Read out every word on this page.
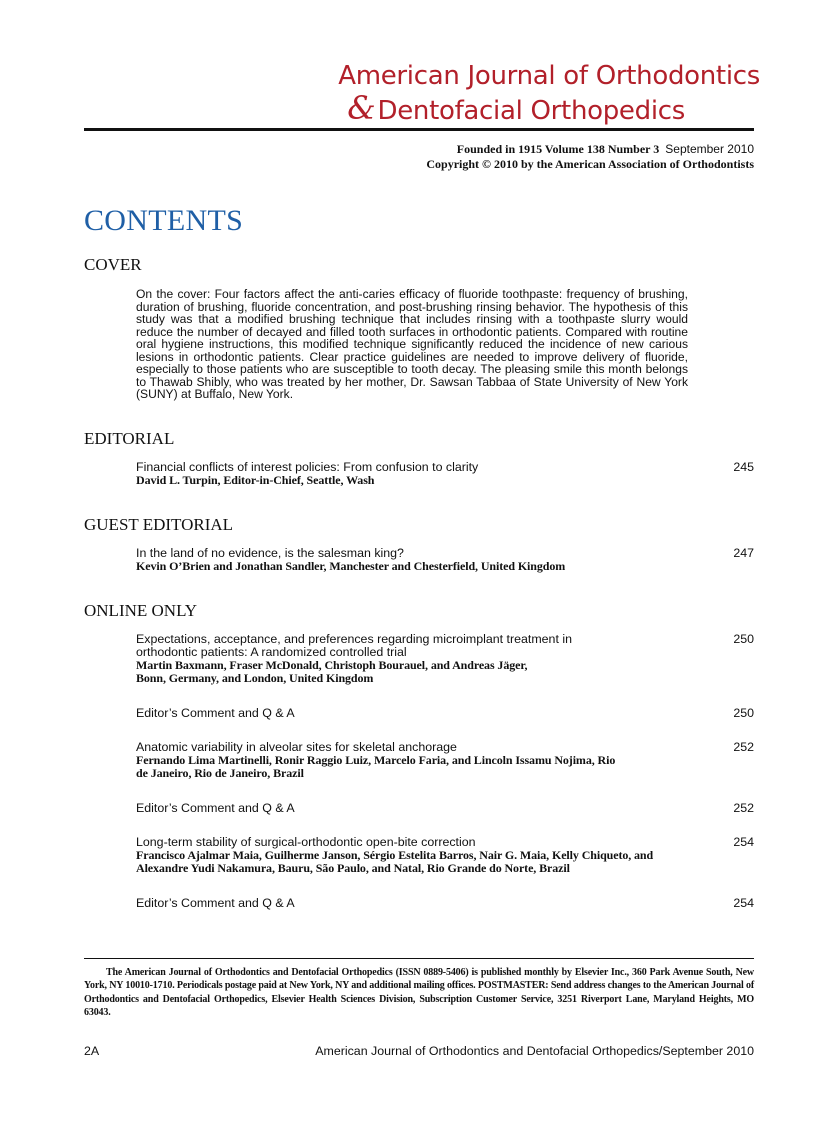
American Journal of Orthodontics
&Dentofacial Orthopedics
Founded in 1915 Volume 138 Number 3 September 2010
Copyright © 2010 by the American Association of Orthodontists
CONTENTS
COVER
On the cover: Four factors affect the anti-caries efficacy of fluoride toothpaste: frequency of brushing, duration of brushing, fluoride concentration, and post-brushing rinsing behavior. The hypothesis of this study was that a modified brushing technique that includes rinsing with a toothpaste slurry would reduce the number of decayed and filled tooth surfaces in orthodontic patients. Compared with routine oral hygiene instructions, this modified technique significantly reduced the incidence of new carious lesions in orthodontic patients. Clear practice guidelines are needed to improve delivery of fluoride, especially to those patients who are susceptible to tooth decay. The pleasing smile this month belongs to Thawab Shibly, who was treated by her mother, Dr. Sawsan Tabbaa of State University of New York (SUNY) at Buffalo, New York.
EDITORIAL
Financial conflicts of interest policies: From confusion to clarity
David L. Turpin, Editor-in-Chief, Seattle, Wash
245
GUEST EDITORIAL
In the land of no evidence, is the salesman king?
Kevin O’Brien and Jonathan Sandler, Manchester and Chesterfield, United Kingdom
247
ONLINE ONLY
Expectations, acceptance, and preferences regarding microimplant treatment in orthodontic patients: A randomized controlled trial
Martin Baxmann, Fraser McDonald, Christoph Bourauel, and Andreas Jäger, Bonn, Germany, and London, United Kingdom
250
Editor’s Comment and Q & A	250
Anatomic variability in alveolar sites for skeletal anchorage
Fernando Lima Martinelli, Ronir Raggio Luiz, Marcelo Faria, and Lincoln Issamu Nojima, Rio de Janeiro, Rio de Janeiro, Brazil
252
Editor’s Comment and Q & A	252
Long-term stability of surgical-orthodontic open-bite correction
Francisco Ajalmar Maia, Guilherme Janson, Sérgio Estelita Barros, Nair G. Maia, Kelly Chiqueto, and Alexandre Yudi Nakamura, Bauru, São Paulo, and Natal, Rio Grande do Norte, Brazil
254
Editor’s Comment and Q & A	254
The American Journal of Orthodontics and Dentofacial Orthopedics (ISSN 0889-5406) is published monthly by Elsevier Inc., 360 Park Avenue South, New York, NY 10010-1710. Periodicals postage paid at New York, NY and additional mailing offices. POSTMASTER: Send address changes to the American Journal of Orthodontics and Dentofacial Orthopedics, Elsevier Health Sciences Division, Subscription Customer Service, 3251 Riverport Lane, Maryland Heights, MO 63043.
2A	American Journal of Orthodontics and Dentofacial Orthopedics/September 2010
